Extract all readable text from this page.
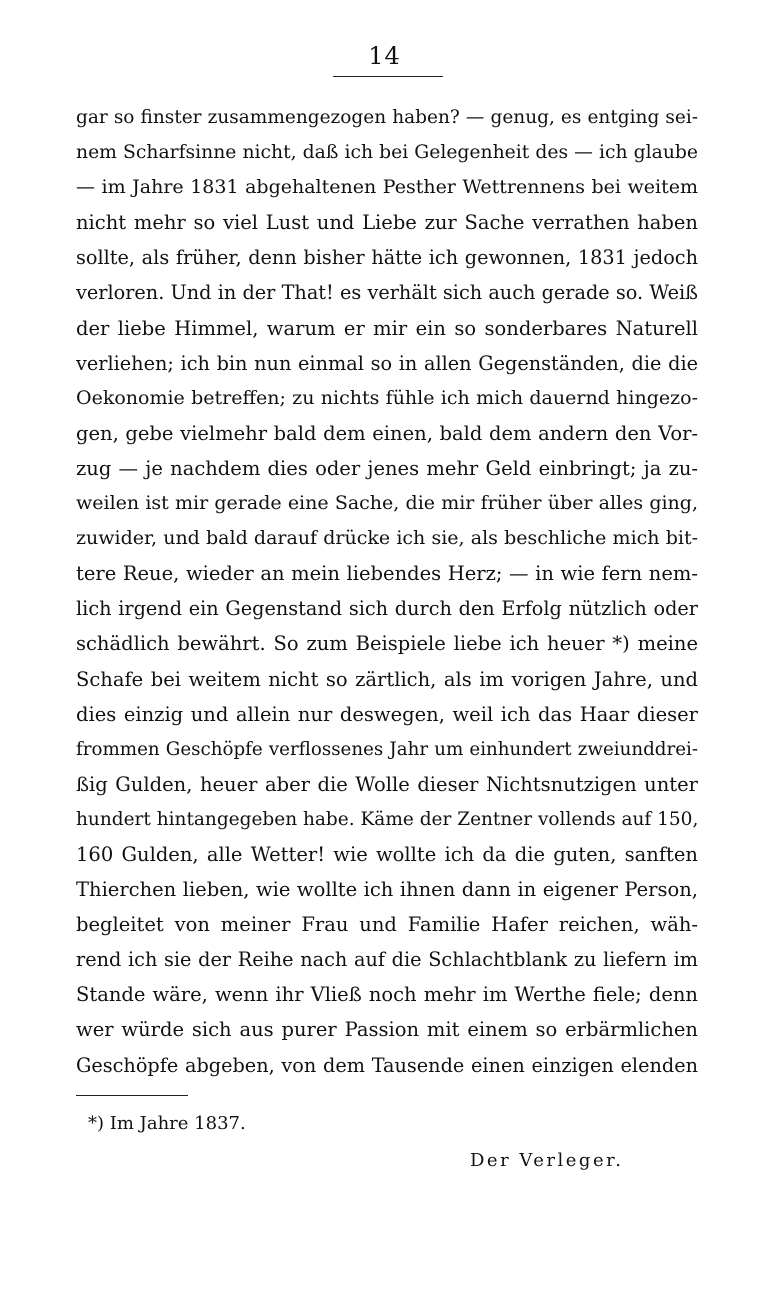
14
gar so finster zusammengezogen haben? — genug, es entging sei-
nem Scharfsinne nicht, daß ich bei Gelegenheit des — ich glaube
— im Jahre 1831 abgehaltenen Pesther Wettrennens bei weitem
nicht mehr so viel Lust und Liebe zur Sache verrathen haben
sollte, als früher, denn bisher hätte ich gewonnen, 1831 jedoch
verloren. Und in der That! es verhält sich auch gerade so. Weiß
der liebe Himmel, warum er mir ein so sonderbares Naturell
verliehen; ich bin nun einmal so in allen Gegenständen, die die
Oekonomie betreffen; zu nichts fühle ich mich dauernd hingezo-
gen, gebe vielmehr bald dem einen, bald dem andern den Vor-
zug — je nachdem dies oder jenes mehr Geld einbringt; ja zu-
weilen ist mir gerade eine Sache, die mir früher über alles ging,
zuwider, und bald darauf drücke ich sie, als beschliche mich bit-
tere Reue, wieder an mein liebendes Herz; — in wie fern nem-
lich irgend ein Gegenstand sich durch den Erfolg nützlich oder
schädlich bewährt. So zum Beispiele liebe ich heuer *) meine
Schafe bei weitem nicht so zärtlich, als im vorigen Jahre, und
dies einzig und allein nur deswegen, weil ich das Haar dieser
frommen Geschöpfe verflossenes Jahr um einhundert zweiunddrei-
ßig Gulden, heuer aber die Wolle dieser Nichtsnutzigen unter
hundert hintangegeben habe. Käme der Zentner vollends auf 150,
160 Gulden, alle Wetter! wie wollte ich da die guten, sanften
Thierchen lieben, wie wollte ich ihnen dann in eigener Person,
begleitet von meiner Frau und Familie Hafer reichen, wäh-
rend ich sie der Reihe nach auf die Schlachtblank zu liefern im
Stande wäre, wenn ihr Vließ noch mehr im Werthe fiele; denn
wer würde sich aus purer Passion mit einem so erbärmlichen
Geschöpfe abgeben, von dem Tausende einen einzigen elenden
*) Im Jahre 1837.
Der Verleger.
